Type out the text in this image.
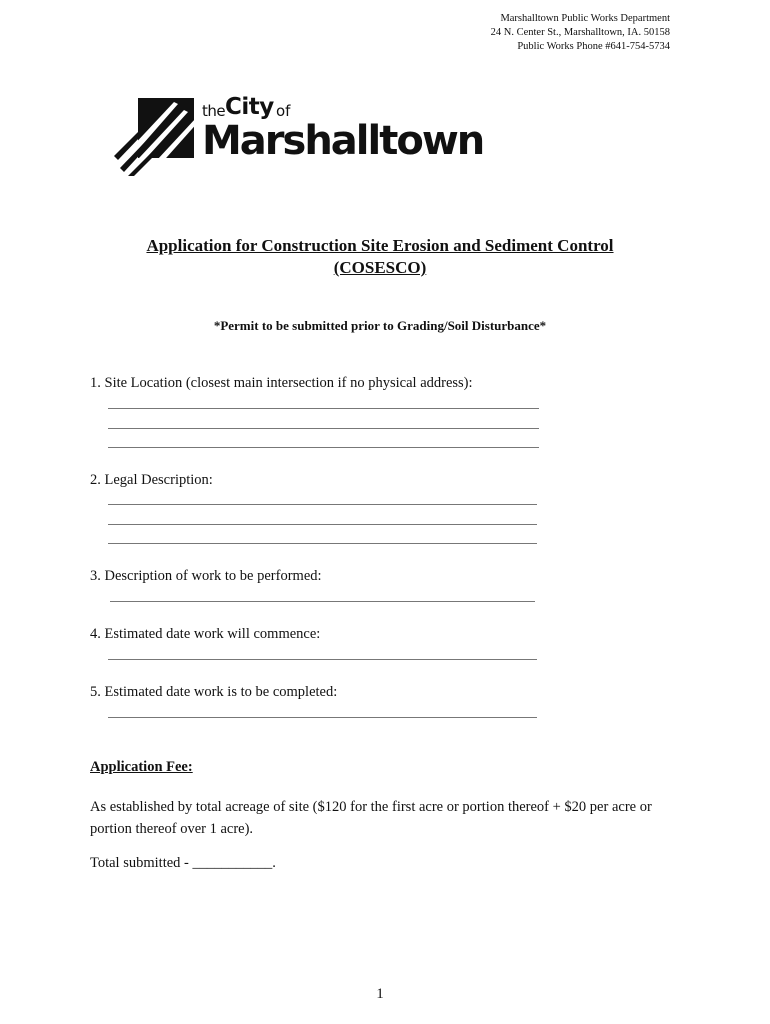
Marshalltown Public Works Department
24 N. Center St., Marshalltown, IA. 50158
Public Works Phone #641-754-5734
the City of
Marshalltown
Application for Construction Site Erosion and Sediment Control
(COSESCO)
*Permit to be submitted prior to Grading/Soil Disturbance*
1. Site Location (closest main intersection if no physical address):
2. Legal Description:
3. Description of work to be performed:
4. Estimated date work will commence:
5. Estimated date work is to be completed:
Application Fee:
As established by total acreage of site ($120 for the first acre or portion thereof + $20 per acre or portion thereof over 1 acre).
Total submitted - ___________.
1
